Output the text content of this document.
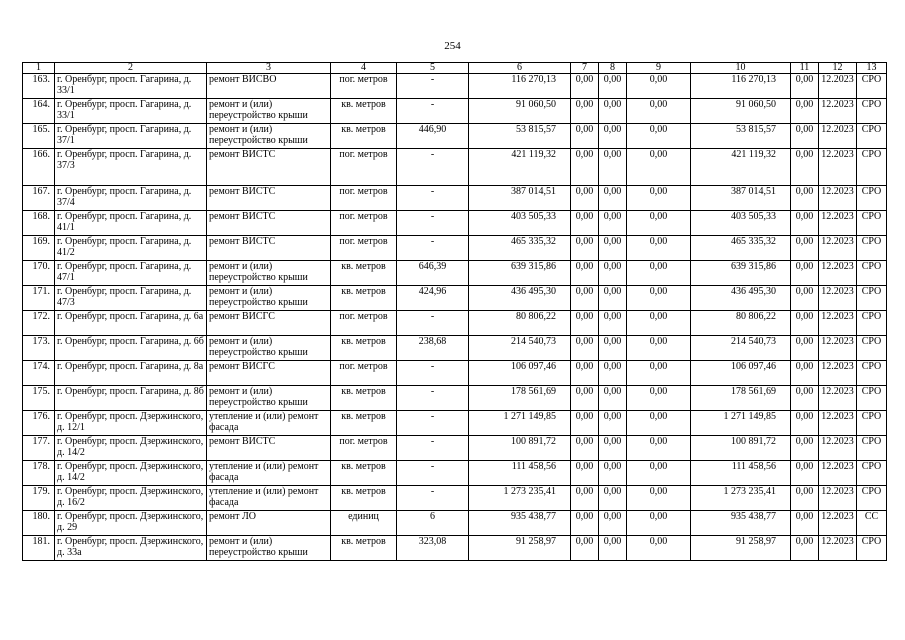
254
1	2	3	4	5	6	7	8	9	10	11	12	13
163.	г. Оренбург, просп. Гагарина, д. 33/1	ремонт ВИСВО	пог. метров	-	116 270,13	0,00	0,00	0,00	116 270,13	0,00	12.2023	СРО
164.	г. Оренбург, просп. Гагарина, д. 33/1	ремонт и (или) переустройство крыши	кв. метров	-	91 060,50	0,00	0,00	0,00	91 060,50	0,00	12.2023	СРО
165.	г. Оренбург, просп. Гагарина, д. 37/1	ремонт и (или) переустройство крыши	кв. метров	446,90	53 815,57	0,00	0,00	0,00	53 815,57	0,00	12.2023	СРО
166.	г. Оренбург, просп. Гагарина, д. 37/3	ремонт ВИСТС	пог. метров	-	421 119,32	0,00	0,00	0,00	421 119,32	0,00	12.2023	СРО
167.	г. Оренбург, просп. Гагарина, д. 37/4	ремонт ВИСТС	пог. метров	-	387 014,51	0,00	0,00	0,00	387 014,51	0,00	12.2023	СРО
168.	г. Оренбург, просп. Гагарина, д. 41/1	ремонт ВИСТС	пог. метров	-	403 505,33	0,00	0,00	0,00	403 505,33	0,00	12.2023	СРО
169.	г. Оренбург, просп. Гагарина, д. 41/2	ремонт ВИСТС	пог. метров	-	465 335,32	0,00	0,00	0,00	465 335,32	0,00	12.2023	СРО
170.	г. Оренбург, просп. Гагарина, д. 47/1	ремонт и (или) переустройство крыши	кв. метров	646,39	639 315,86	0,00	0,00	0,00	639 315,86	0,00	12.2023	СРО
171.	г. Оренбург, просп. Гагарина, д. 47/3	ремонт и (или) переустройство крыши	кв. метров	424,96	436 495,30	0,00	0,00	0,00	436 495,30	0,00	12.2023	СРО
172.	г. Оренбург, просп. Гагарина, д. 6а	ремонт ВИСГС	пог. метров	-	80 806,22	0,00	0,00	0,00	80 806,22	0,00	12.2023	СРО
173.	г. Оренбург, просп. Гагарина, д. 6б	ремонт и (или) переустройство крыши	кв. метров	238,68	214 540,73	0,00	0,00	0,00	214 540,73	0,00	12.2023	СРО
174.	г. Оренбург, просп. Гагарина, д. 8а	ремонт ВИСГС	пог. метров	-	106 097,46	0,00	0,00	0,00	106 097,46	0,00	12.2023	СРО
175.	г. Оренбург, просп. Гагарина, д. 8б	ремонт и (или) переустройство крыши	кв. метров	-	178 561,69	0,00	0,00	0,00	178 561,69	0,00	12.2023	СРО
176.	г. Оренбург, просп. Дзержинского, д. 12/1	утепление и (или) ремонт фасада	кв. метров	-	1 271 149,85	0,00	0,00	0,00	1 271 149,85	0,00	12.2023	СРО
177.	г. Оренбург, просп. Дзержинского, д. 14/2	ремонт ВИСТС	пог. метров	-	100 891,72	0,00	0,00	0,00	100 891,72	0,00	12.2023	СРО
178.	г. Оренбург, просп. Дзержинского, д. 14/2	утепление и (или) ремонт фасада	кв. метров	-	111 458,56	0,00	0,00	0,00	111 458,56	0,00	12.2023	СРО
179.	г. Оренбург, просп. Дзержинского, д. 16/2	утепление и (или) ремонт фасада	кв. метров	-	1 273 235,41	0,00	0,00	0,00	1 273 235,41	0,00	12.2023	СРО
180.	г. Оренбург, просп. Дзержинского, д. 29	ремонт ЛО	единиц	6	935 438,77	0,00	0,00	0,00	935 438,77	0,00	12.2023	СС
181.	г. Оренбург, просп. Дзержинского, д. 33а	ремонт и (или) переустройство крыши	кв. метров	323,08	91 258,97	0,00	0,00	0,00	91 258,97	0,00	12.2023	СРО
